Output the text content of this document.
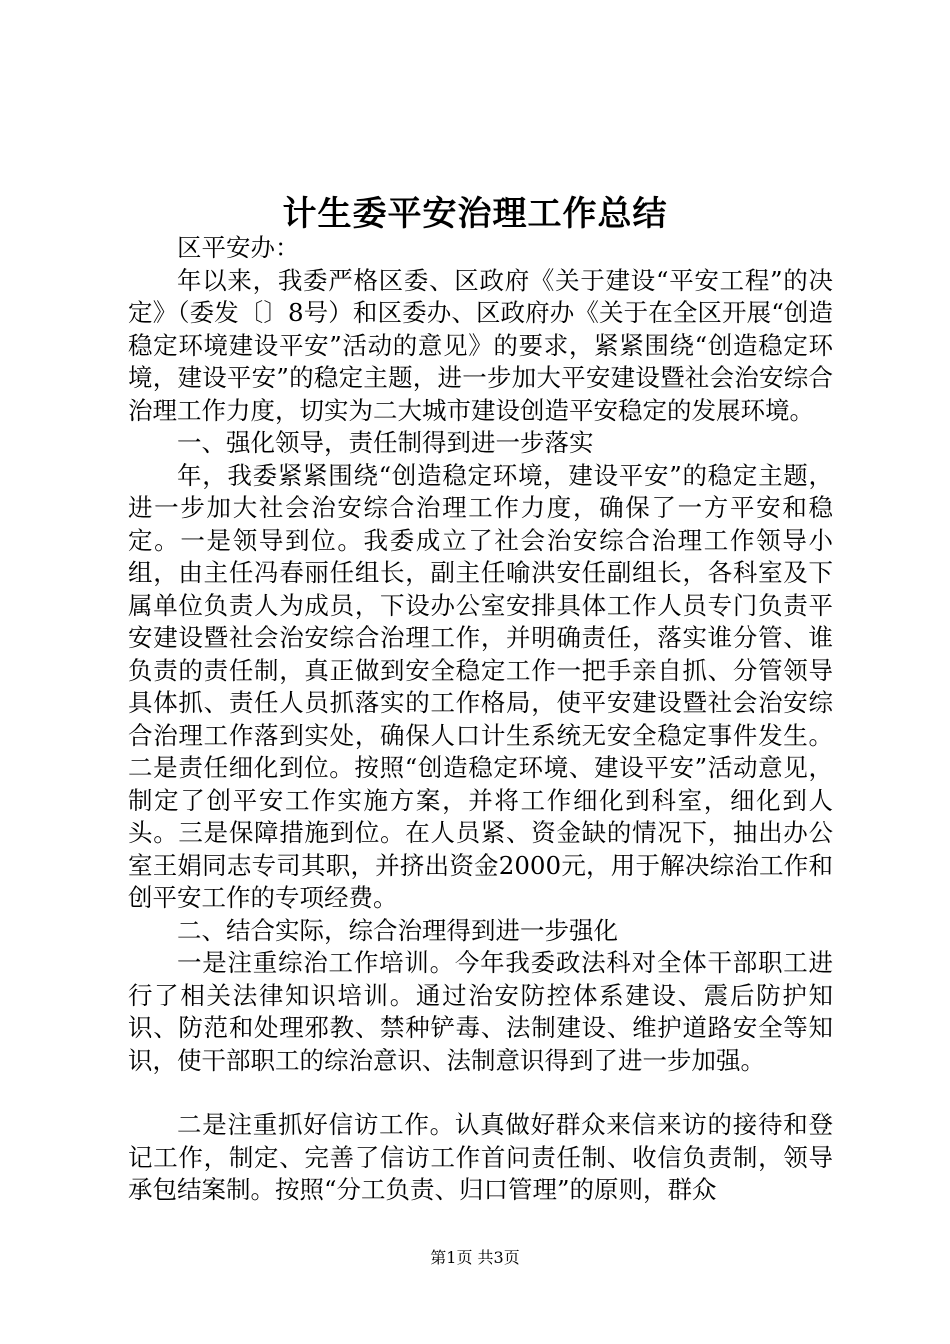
计生委平安治理工作总结

区平安办：

年以来，我委严格区委、区政府《关于建设“平安工程”的决定》（委发〔〕8号）和区委办、区政府办《关于在全区开展“创造稳定环境建设平安”活动的意见》的要求，紧紧围绕“创造稳定环境，建设平安”的稳定主题，进一步加大平安建设暨社会治安综合治理工作力度，切实为二大城市建设创造平安稳定的发展环境。

一、强化领导，责任制得到进一步落实

年，我委紧紧围绕“创造稳定环境，建设平安”的稳定主题，进一步加大社会治安综合治理工作力度，确保了一方平安和稳定。一是领导到位。我委成立了社会治安综合治理工作领导小组，由主任冯春丽任组长，副主任喻洪安任副组长，各科室及下属单位负责人为成员，下设办公室安排具体工作人员专门负责平安建设暨社会治安综合治理工作，并明确责任，落实谁分管、谁负责的责任制，真正做到安全稳定工作一把手亲自抓、分管领导具体抓、责任人员抓落实的工作格局，使平安建设暨社会治安综合治理工作落到实处，确保人口计生系统无安全稳定事件发生。二是责任细化到位。按照“创造稳定环境、建设平安”活动意见，制定了创平安工作实施方案，并将工作细化到科室，细化到人头。三是保障措施到位。在人员紧、资金缺的情况下，抽出办公室王娟同志专司其职，并挤出资金2000元，用于解决综治工作和创平安工作的专项经费。

二、结合实际，综合治理得到进一步强化

一是注重综治工作培训。今年我委政法科对全体干部职工进行了相关法律知识培训。通过治安防控体系建设、震后防护知识、防范和处理邪教、禁种铲毒、法制建设、维护道路安全等知识，使干部职工的综治意识、法制意识得到了进一步加强。

二是注重抓好信访工作。认真做好群众来信来访的接待和登记工作，制定、完善了信访工作首问责任制、收信负责制，领导承包结案制。按照“分工负责、归口管理”的原则，群众

第1页 共3页
